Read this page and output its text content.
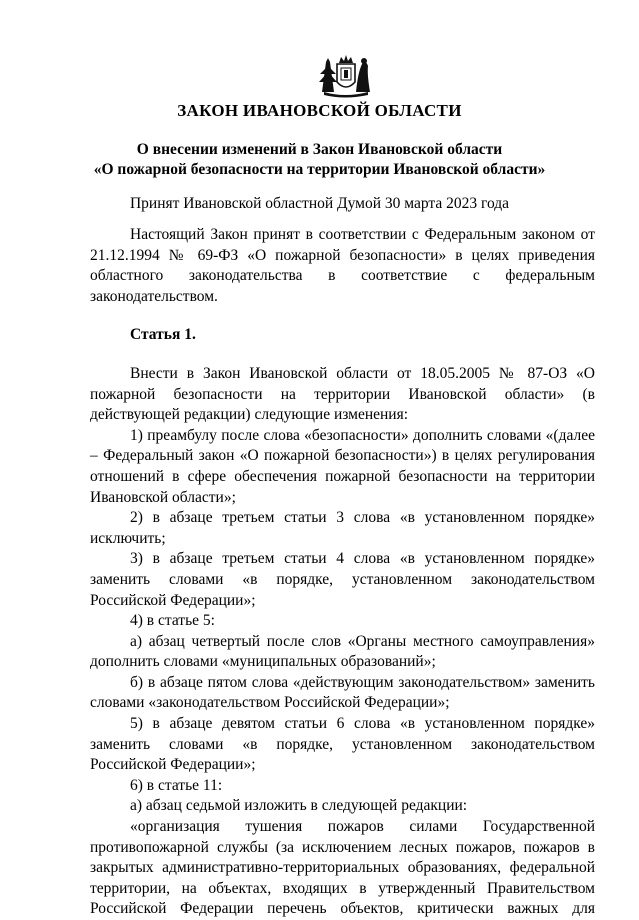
ЗАКОН ИВАНОВСКОЙ ОБЛАСТИ
О внесении изменений в Закон Ивановской области
«О пожарной безопасности на территории Ивановской области»
Принят Ивановской областной Думой 30 марта 2023 года

Настоящий Закон принят в соответствии с Федеральным законом от 21.12.1994 № 69-ФЗ «О пожарной безопасности» в целях приведения областного законодательства в соответствие с федеральным законодательством.

Статья 1.

Внести в Закон Ивановской области от 18.05.2005 № 87-ОЗ «О пожарной безопасности на территории Ивановской области» (в действующей редакции) следующие изменения:

1) преамбулу после слова «безопасности» дополнить словами «(далее – Федеральный закон «О пожарной безопасности») в целях регулирования отношений в сфере обеспечения пожарной безопасности на территории Ивановской области»;

2) в абзаце третьем статьи 3 слова «в установленном порядке» исключить;

3) в абзаце третьем статьи 4 слова «в установленном порядке» заменить словами «в порядке, установленном законодательством Российской Федерации»;

4) в статье 5:

а) абзац четвертый после слов «Органы местного самоуправления» дополнить словами «муниципальных образований»;

б) в абзаце пятом слова «действующим законодательством» заменить словами «законодательством Российской Федерации»;

5) в абзаце девятом статьи 6 слова «в установленном порядке» заменить словами «в порядке, установленном законодательством Российской Федерации»;

6) в статье 11:

а) абзац седьмой изложить в следующей редакции:

«организация тушения пожаров силами Государственной противопожарной службы (за исключением лесных пожаров, пожаров в закрытых административно-территориальных образованиях, федеральной территории, на объектах, входящих в утвержденный Правительством Российской Федерации перечень объектов, критически важных для
